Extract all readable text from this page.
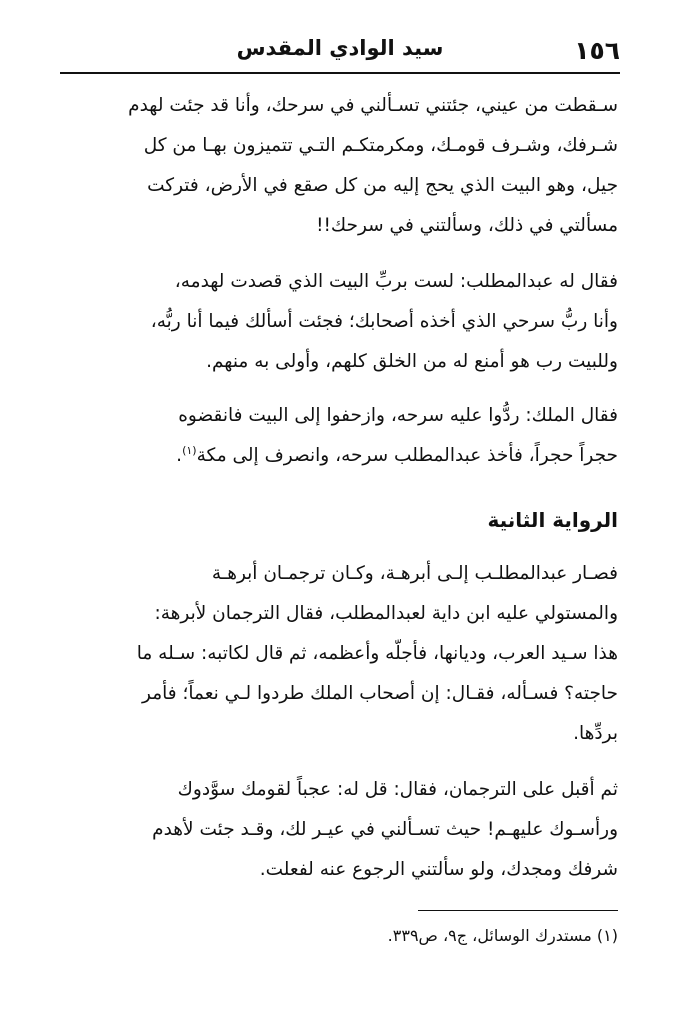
١٥٦
سيد الوادي المقدس

سـقطت من عيني، جئتني تسـألني في سرحك، وأنا قد جئت لهدم
شـرفك، وشـرف قومـك، ومكرمتكـم التـي تتميزون بهـا من كل
جيل، وهو البيت الذي يحج إليه من كل صقع في الأرض، فتركت
مسألتي في ذلك، وسألتني في سرحك!!

فقال له عبدالمطلب: لست بربِّ البيت الذي قصدت لهدمه،
وأنا ربُّ سرحي الذي أخذه أصحابك؛ فجئت أسألك فيما أنا ربُّه،
وللبيت رب هو أمنع له من الخلق كلهم، وأولى به منهم.

فقال الملك: ردُّوا عليه سرحه، وازحفوا إلى البيت فانقضوه
حجراً حجراً، فأخذ عبدالمطلب سرحه، وانصرف إلى مكة$^{(١)}$.

الرواية الثانية

فصـار عبدالمطلـب إلـى أبرهـة، وكـان ترجمـان أبرهـة
والمستولي عليه ابن داية لعبدالمطلب، فقال الترجمان لأبرهة:
هذا سـيد العرب، وديانها، فأجلّه وأعظمه، ثم قال لكاتبه: سـله ما
حاجته؟ فسـأله، فقـال: إن أصحاب الملك طردوا لـي نعماً؛ فأمر
بردِّها.

ثم أقبل على الترجمان، فقال: قل له: عجباً لقومك سوَّدوك
ورأسـوك عليهـم! حيث تسـألني في عيـر لك، وقـد جئت لأهدم
شرفك ومجدك، ولو سألتني الرجوع عنه لفعلت.

(١) مستدرك الوسائل، ج٩، ص٣٣٩.
